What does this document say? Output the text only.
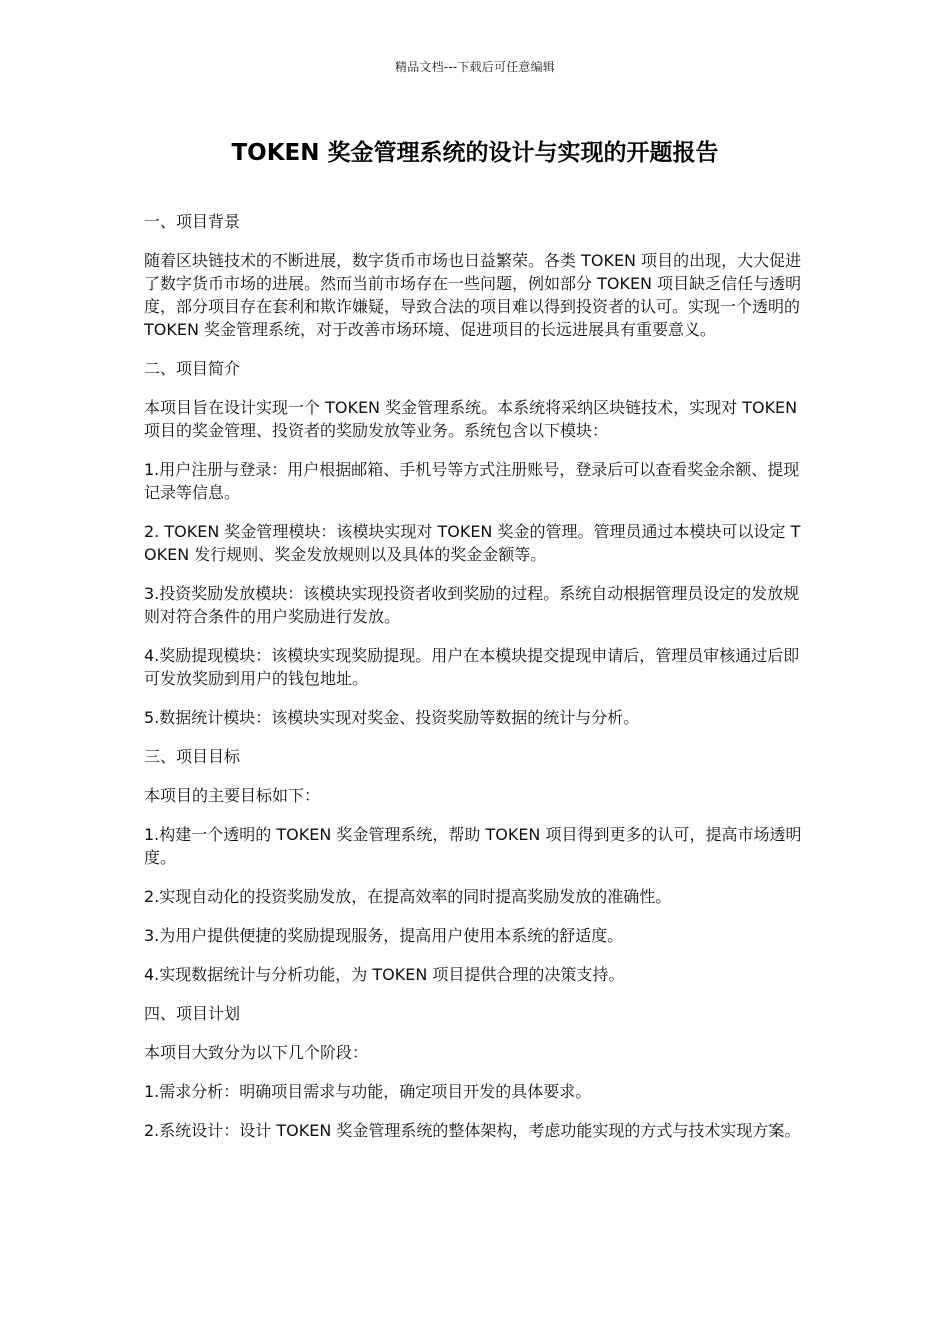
精品文档---下载后可任意编辑
TOKEN 奖金管理系统的设计与实现的开题报告

一、项目背景

随着区块链技术的不断进展，数字货币市场也日益繁荣。各类 TOKEN 项目的出现，大大促进了数字货币市场的进展。然而当前市场存在一些问题，例如部分 TOKEN 项目缺乏信任与透明度，部分项目存在套利和欺诈嫌疑，导致合法的项目难以得到投资者的认可。实现一个透明的 TOKEN 奖金管理系统，对于改善市场环境、促进项目的长远进展具有重要意义。

二、项目简介

本项目旨在设计实现一个 TOKEN 奖金管理系统。本系统将采纳区块链技术，实现对 TOKEN 项目的奖金管理、投资者的奖励发放等业务。系统包含以下模块：

1.用户注册与登录：用户根据邮箱、手机号等方式注册账号，登录后可以查看奖金余额、提现记录等信息。

2. TOKEN 奖金管理模块：该模块实现对 TOKEN 奖金的管理。管理员通过本模块可以设定 TOKEN 发行规则、奖金发放规则以及具体的奖金金额等。

3.投资奖励发放模块：该模块实现投资者收到奖励的过程。系统自动根据管理员设定的发放规则对符合条件的用户奖励进行发放。

4.奖励提现模块：该模块实现奖励提现。用户在本模块提交提现申请后，管理员审核通过后即可发放奖励到用户的钱包地址。

5.数据统计模块：该模块实现对奖金、投资奖励等数据的统计与分析。

三、项目目标

本项目的主要目标如下：

1.构建一个透明的 TOKEN 奖金管理系统，帮助 TOKEN 项目得到更多的认可，提高市场透明度。

2.实现自动化的投资奖励发放，在提高效率的同时提高奖励发放的准确性。

3.为用户提供便捷的奖励提现服务，提高用户使用本系统的舒适度。

4.实现数据统计与分析功能，为 TOKEN 项目提供合理的决策支持。

四、项目计划

本项目大致分为以下几个阶段：

1.需求分析：明确项目需求与功能，确定项目开发的具体要求。

2.系统设计：设计 TOKEN 奖金管理系统的整体架构，考虑功能实现的方式与技术实现方案。
